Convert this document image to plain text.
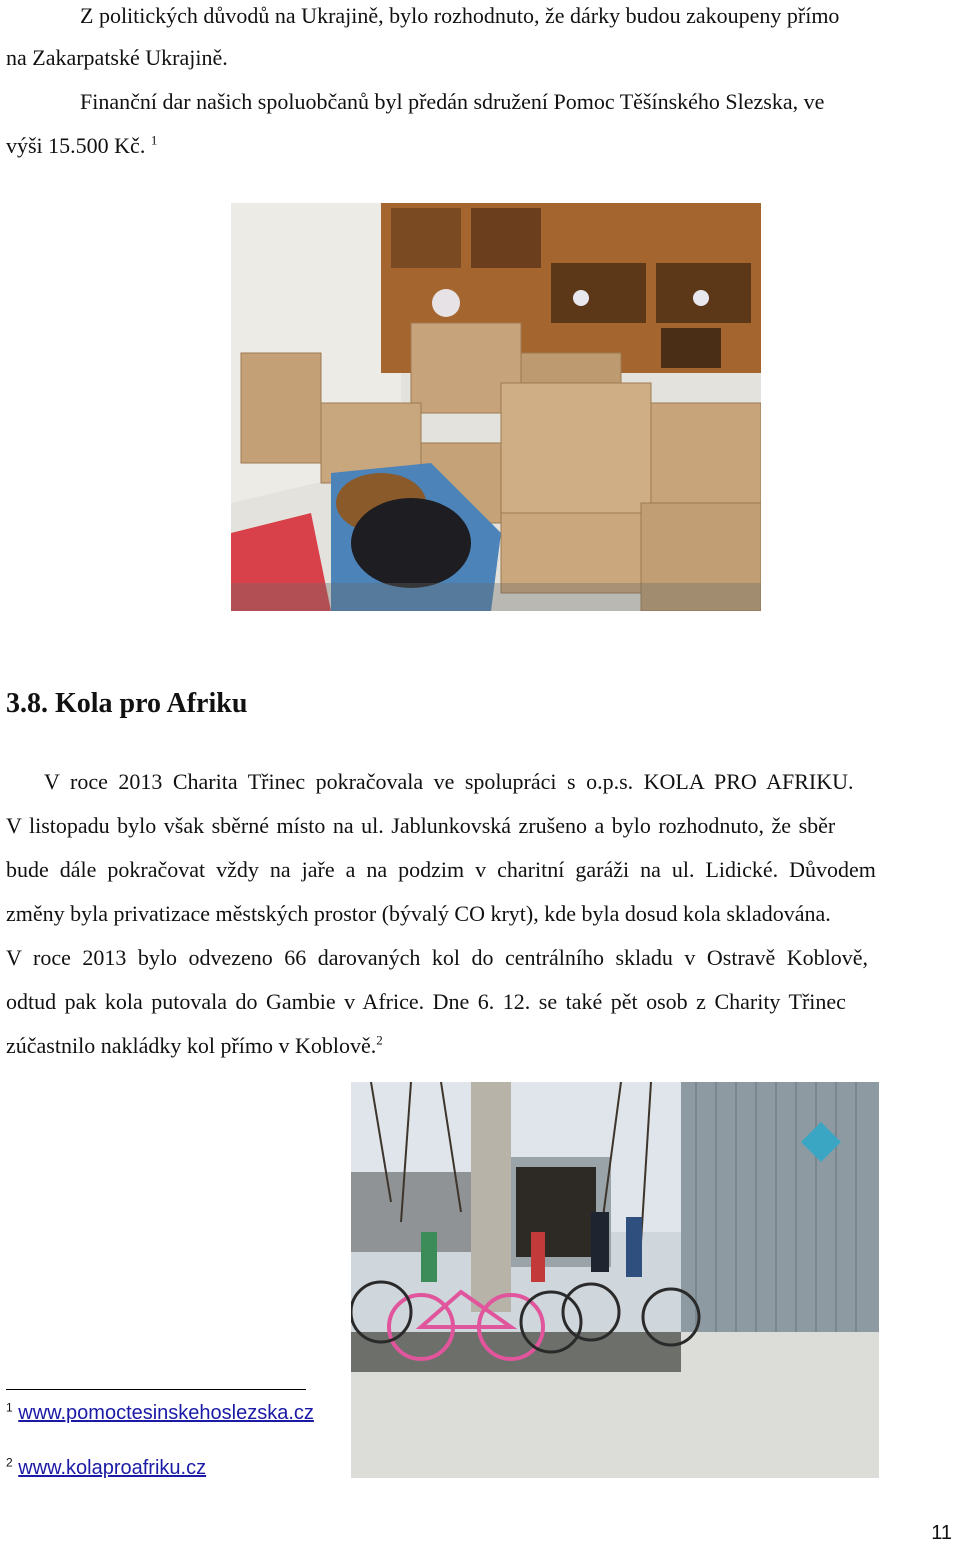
Z politických důvodů na Ukrajině, bylo rozhodnuto, že dárky budou zakoupeny přímo
na Zakarpatské Ukrajině.
Finanční dar našich spoluobčanů byl předán sdružení Pomoc Těšínského Slezska, ve
výši 15.500 Kč. $^1$
3.8. Kola pro Afriku
V roce 2013 Charita Třinec pokračovala ve spolupráci s o.p.s. KOLA PRO AFRIKU.
V listopadu bylo však sběrné místo na ul. Jablunkovská zrušeno a bylo rozhodnuto, že sběr
bude dále pokračovat vždy na jaře a na podzim v charitní garáži na ul. Lidické. Důvodem
změny byla privatizace městských prostor (bývalý CO kryt), kde byla dosud kola skladována.
V roce 2013 bylo odvezeno 66 darovaných kol do centrálního skladu v Ostravě Koblově,
odtud pak kola putovala do Gambie v Africe. Dne 6. 12. se také pět osob z Charity Třinec
zúčastnilo nakládky kol přímo v Koblově.$^2$
$^1$ www.pomoctesinskehoslezska.cz
$^2$ www.kolaproafriku.cz
11
